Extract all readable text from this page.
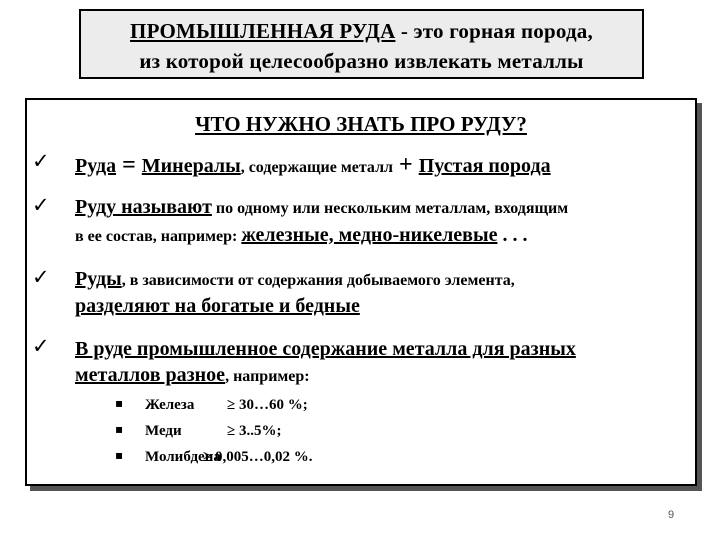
ПРОМЫШЛЕННАЯ РУДА - это горная порода,
из которой целесообразно извлекать металлы
ЧТО НУЖНО ЗНАТЬ ПРО РУДУ?
✓ Руда = Минералы, содержащие металл + Пустая порода
✓ Руду называют по одному или нескольким металлам, входящим
в ее состав, например: железные, медно-никелевые . . .
✓ Руды, в зависимости от содержания добываемого элемента,
разделяют на богатые и бедные
✓ В руде промышленное содержание металла для разных
металлов разное, например:
▪ Железа ≥ 30…60 %;
▪ Меди	≥ 3..5%;
▪ Молибдена
≥ 0,005…0,02 %.
9
